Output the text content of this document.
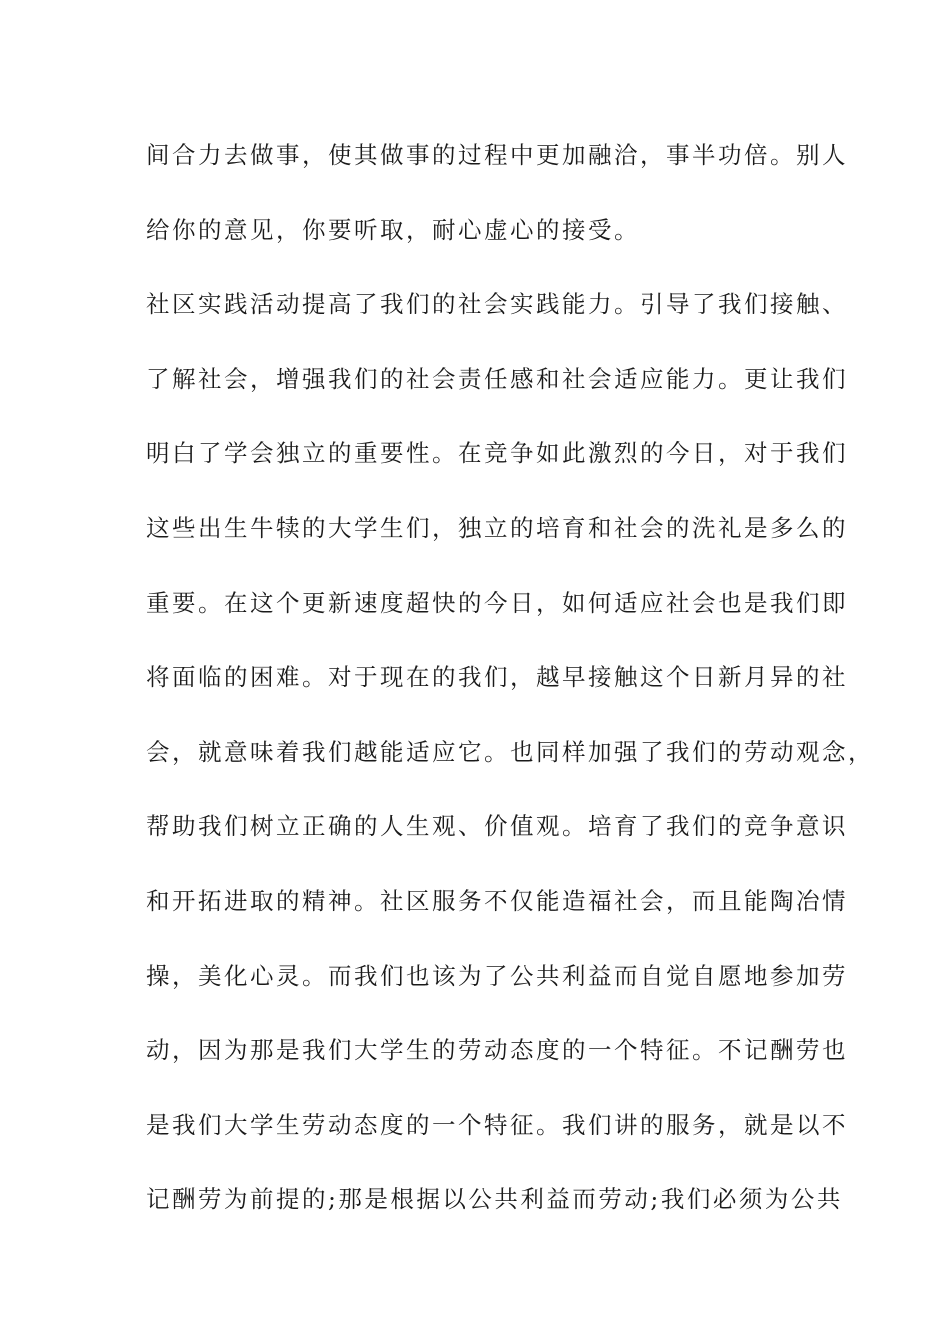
间合力去做事，使其做事的过程中更加融洽，事半功倍。别人
给你的意见，你要听取，耐心虚心的接受。
社区实践活动提高了我们的社会实践能力。引导了我们接触、
了解社会，增强我们的社会责任感和社会适应能力。更让我们
明白了学会独立的重要性。在竞争如此激烈的今日，对于我们
这些出生牛犊的大学生们，独立的培育和社会的洗礼是多么的
重要。在这个更新速度超快的今日，如何适应社会也是我们即
将面临的困难。对于现在的我们，越早接触这个日新月异的社
会，就意味着我们越能适应它。也同样加强了我们的劳动观念，
帮助我们树立正确的人生观、价值观。培育了我们的竞争意识
和开拓进取的精神。社区服务不仅能造福社会，而且能陶冶情
操，美化心灵。而我们也该为了公共利益而自觉自愿地参加劳
动，因为那是我们大学生的劳动态度的一个特征。不记酬劳也
是我们大学生劳动态度的一个特征。我们讲的服务，就是以不
记酬劳为前提的;那是根据以公共利益而劳动;我们必须为公共
